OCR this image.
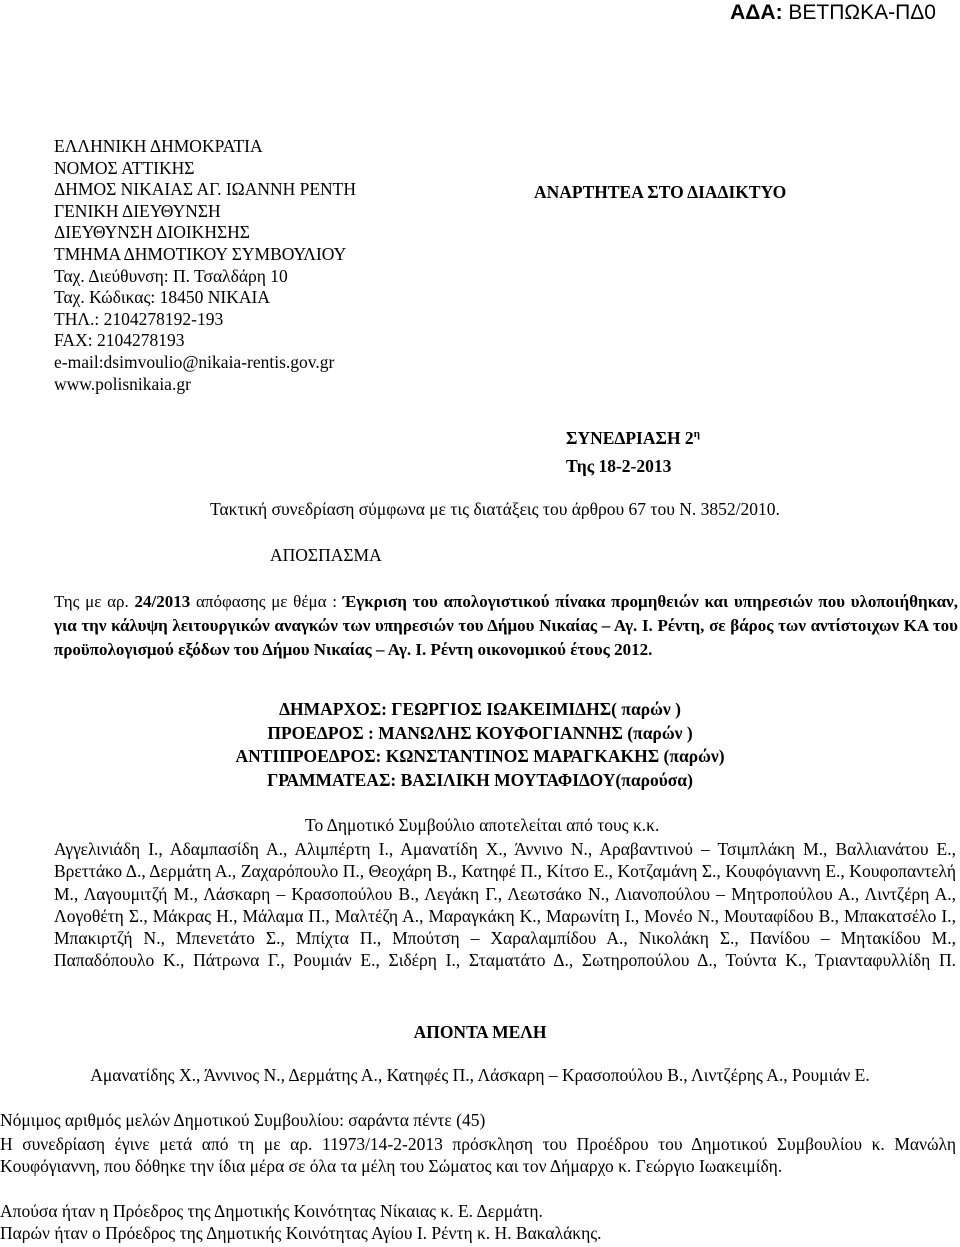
ΑΔΑ: ΒΕΤΠΩΚΑ-ΠΔ0
ΕΛΛΗΝΙΚΗ ΔΗΜΟΚΡΑΤΙΑ
ΝΟΜΟΣ ΑΤΤΙΚΗΣ
ΔΗΜΟΣ ΝΙΚΑΙΑΣ ΑΓ. ΙΩΑΝΝΗ ΡΕΝΤΗ
ΓΕΝΙΚΗ ΔΙΕΥΘΥΝΣΗ
ΔΙΕΥΘΥΝΣΗ ΔΙΟΙΚΗΣΗΣ
ΤΜΗΜΑ ΔΗΜΟΤΙΚΟΥ ΣΥΜΒΟΥΛΙΟΥ
Ταχ. Διεύθυνση: Π. Τσαλδάρη 10
Ταχ. Κώδικας: 18450 ΝΙΚΑΙΑ
ΤΗΛ.: 2104278192-193
FAX: 2104278193
e-mail:dsimvoulio@nikaia-rentis.gov.gr
www.polisnikaia.gr
ΑΝΑΡΤΗΤΕΑ ΣΤΟ ΔΙΑΔΙΚΤΥΟ
ΣΥΝΕΔΡΙΑΣΗ $2^\eta$
Της 18-2-2013
Τακτική συνεδρίαση σύμφωνα με τις διατάξεις του άρθρου 67 του Ν. 3852/2010.
ΑΠΟΣΠΑΣΜΑ
Της με αρ. 24/2013 απόφασης με θέμα : Έγκριση του απολογιστικού πίνακα προμηθειών και υπηρεσιών που υλοποιήθηκαν, για την κάλυψη λειτουργικών αναγκών των υπηρεσιών του Δήμου Νικαίας – Αγ. Ι. Ρέντη, σε βάρος των αντίστοιχων ΚΑ του προϋπολογισμού εξόδων του Δήμου Νικαίας – Αγ. Ι. Ρέντη οικονομικού έτους 2012.
ΔΗΜΑΡΧΟΣ: ΓΕΩΡΓΙΟΣ ΙΩΑΚΕΙΜΙΔΗΣ( παρών )
ΠΡΟΕΔΡΟΣ : ΜΑΝΩΛΗΣ ΚΟΥΦΟΓΙΑΝΝΗΣ (παρών )
ΑΝΤΙΠΡΟΕΔΡΟΣ: ΚΩΝΣΤΑΝΤΙΝΟΣ ΜΑΡΑΓΚΑΚΗΣ (παρών)
ΓΡΑΜΜΑΤΕΑΣ: ΒΑΣΙΛΙΚΗ ΜΟΥΤΑΦΙΔΟΥ(παρούσα)
Το Δημοτικό Συμβούλιο αποτελείται από τους κ.κ.
Αγγελινιάδη Ι., Αδαμπασίδη Α., Αλιμπέρτη Ι., Αμανατίδη Χ., Άννινο Ν., Αραβαντινού – Τσιμπλάκη Μ., Βαλλιανάτου Ε., Βρεττάκο Δ., Δερμάτη Α., Ζαχαρόπουλο Π., Θεοχάρη Β., Κατηφέ Π., Κίτσο Ε., Κοτζαμάνη Σ., Κουφόγιαννη Ε., Κουφοπαντελή Μ., Λαγουμιτζή Μ., Λάσκαρη – Κρασοπούλου Β., Λεγάκη Γ., Λεωτσάκο Ν., Λιανοπούλου – Μητροπούλου Α., Λιντζέρη Α., Λογοθέτη Σ., Μάκρας Η., Μάλαμα Π., Μαλτέζη Α., Μαραγκάκη Κ., Μαρωνίτη Ι., Μονέο Ν., Μουταφίδου Β., Μπακατσέλο Ι., Μπακιρτζή Ν., Μπενετάτο Σ., Μπίχτα Π., Μπούτση – Χαραλαμπίδου Α., Νικολάκη Σ., Πανίδου – Μητακίδου Μ., Παπαδόπουλο Κ., Πάτρωνα Γ., Ρουμιάν Ε., Σιδέρη Ι., Σταματάτο Δ., Σωτηροπούλου Δ., Τούντα Κ., Τριανταφυλλίδη Π.
ΑΠΟΝΤΑ ΜΕΛΗ
Αμανατίδης Χ., Άννινος Ν., Δερμάτης Α., Κατηφές Π., Λάσκαρη – Κρασοπούλου Β., Λιντζέρης Α., Ρουμιάν Ε.
Νόμιμος αριθμός μελών Δημοτικού Συμβουλίου: σαράντα πέντε (45)
Η συνεδρίαση έγινε μετά από τη με αρ. 11973/14-2-2013 πρόσκληση του Προέδρου του Δημοτικού Συμβουλίου κ. Μανώλη Κουφόγιαννη, που δόθηκε την ίδια μέρα σε όλα τα μέλη του Σώματος και τον Δήμαρχο κ. Γεώργιο Ιωακειμίδη.
Απούσα ήταν η Πρόεδρος της Δημοτικής Κοινότητας Νίκαιας κ. Ε. Δερμάτη.
Παρών ήταν ο Πρόεδρος της Δημοτικής Κοινότητας Αγίου Ι. Ρέντη κ. Η. Βακαλάκης.
